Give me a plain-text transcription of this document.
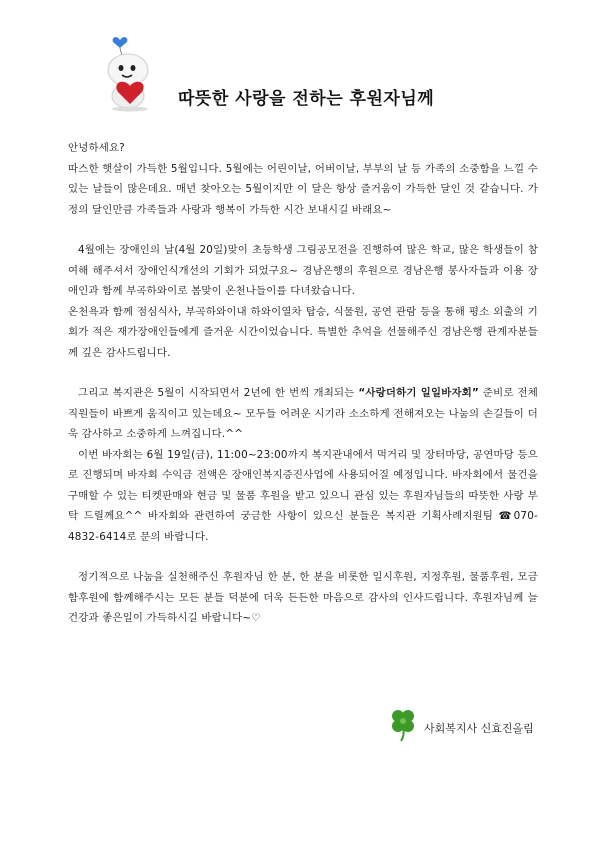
따뜻한 사랑을 전하는 후원자님께

안녕하세요?

따스한 햇살이 가득한 5월입니다. 5월에는 어린이날, 어버이날, 부부의 날 등 가족의 소중함을 느낄 수 있는 날들이 많은데요. 매년 찾아오는 5월이지만 이 달은 항상 즐거움이 가득한 달인 것 같습니다. 가정의 달인만큼 가족들과 사랑과 행복이 가득한 시간 보내시길 바래요~

4월에는 장애인의 날(4월 20일)맞이 초등학생 그림공모전을 진행하여 많은 학교, 많은 학생들이 참여해 해주셔서 장애인식개선의 기회가 되었구요~ 경남은행의 후원으로 경남은행 봉사자들과 이용 장애인과 함께 부곡하와이로 봄맞이 온천나들이를 다녀왔습니다.

온천욕과 함께 점심식사, 부곡하와이내 하와이열차 탑승, 식물원, 공연 관람 등을 통해 평소 외출의 기회가 적은 재가장애인들에게 즐거운 시간이었습니다. 특별한 추억을 선물해주신 경남은행 관계자분들께 깊은 감사드립니다.

그리고 복지관은 5월이 시작되면서 2년에 한 번씩 개최되는 “사랑더하기 일일바자회” 준비로 전체 직원들이 바쁘게 움직이고 있는데요~ 모두들 어려운 시기라 소소하게 전해져오는 나눔의 손길들이 더욱 감사하고 소중하게 느껴집니다.^^

이번 바자회는 6월 19일(금), 11:00~23:00까지 복지관내에서 먹거리 및 장터마당, 공연마당 등으로 진행되며 바자회 수익금 전액은 장애인복지증진사업에 사용되어질 예정입니다. 바자회에서 물건을 구매할 수 있는 티켓판매와 현금 및 물품 후원을 받고 있으니 관심 있는 후원자님들의 따뜻한 사랑 부탁 드릴께요^^ 바자회와 관련하여 궁금한 사항이 있으신 분들은 복지관 기획사례지원팀 ☎070-4832-6414로 문의 바랍니다.

정기적으로 나눔을 실천해주신 후원자님 한 분, 한 분을 비롯한 일시후원, 지정후원, 물품후원, 모금함후원에 함께해주시는 모든 분들 덕분에 더욱 든든한 마음으로 감사의 인사드립니다. 후원자님께 늘 건강과 좋은일이 가득하시길 바랍니다~♡

사회복지사 신효진올림
